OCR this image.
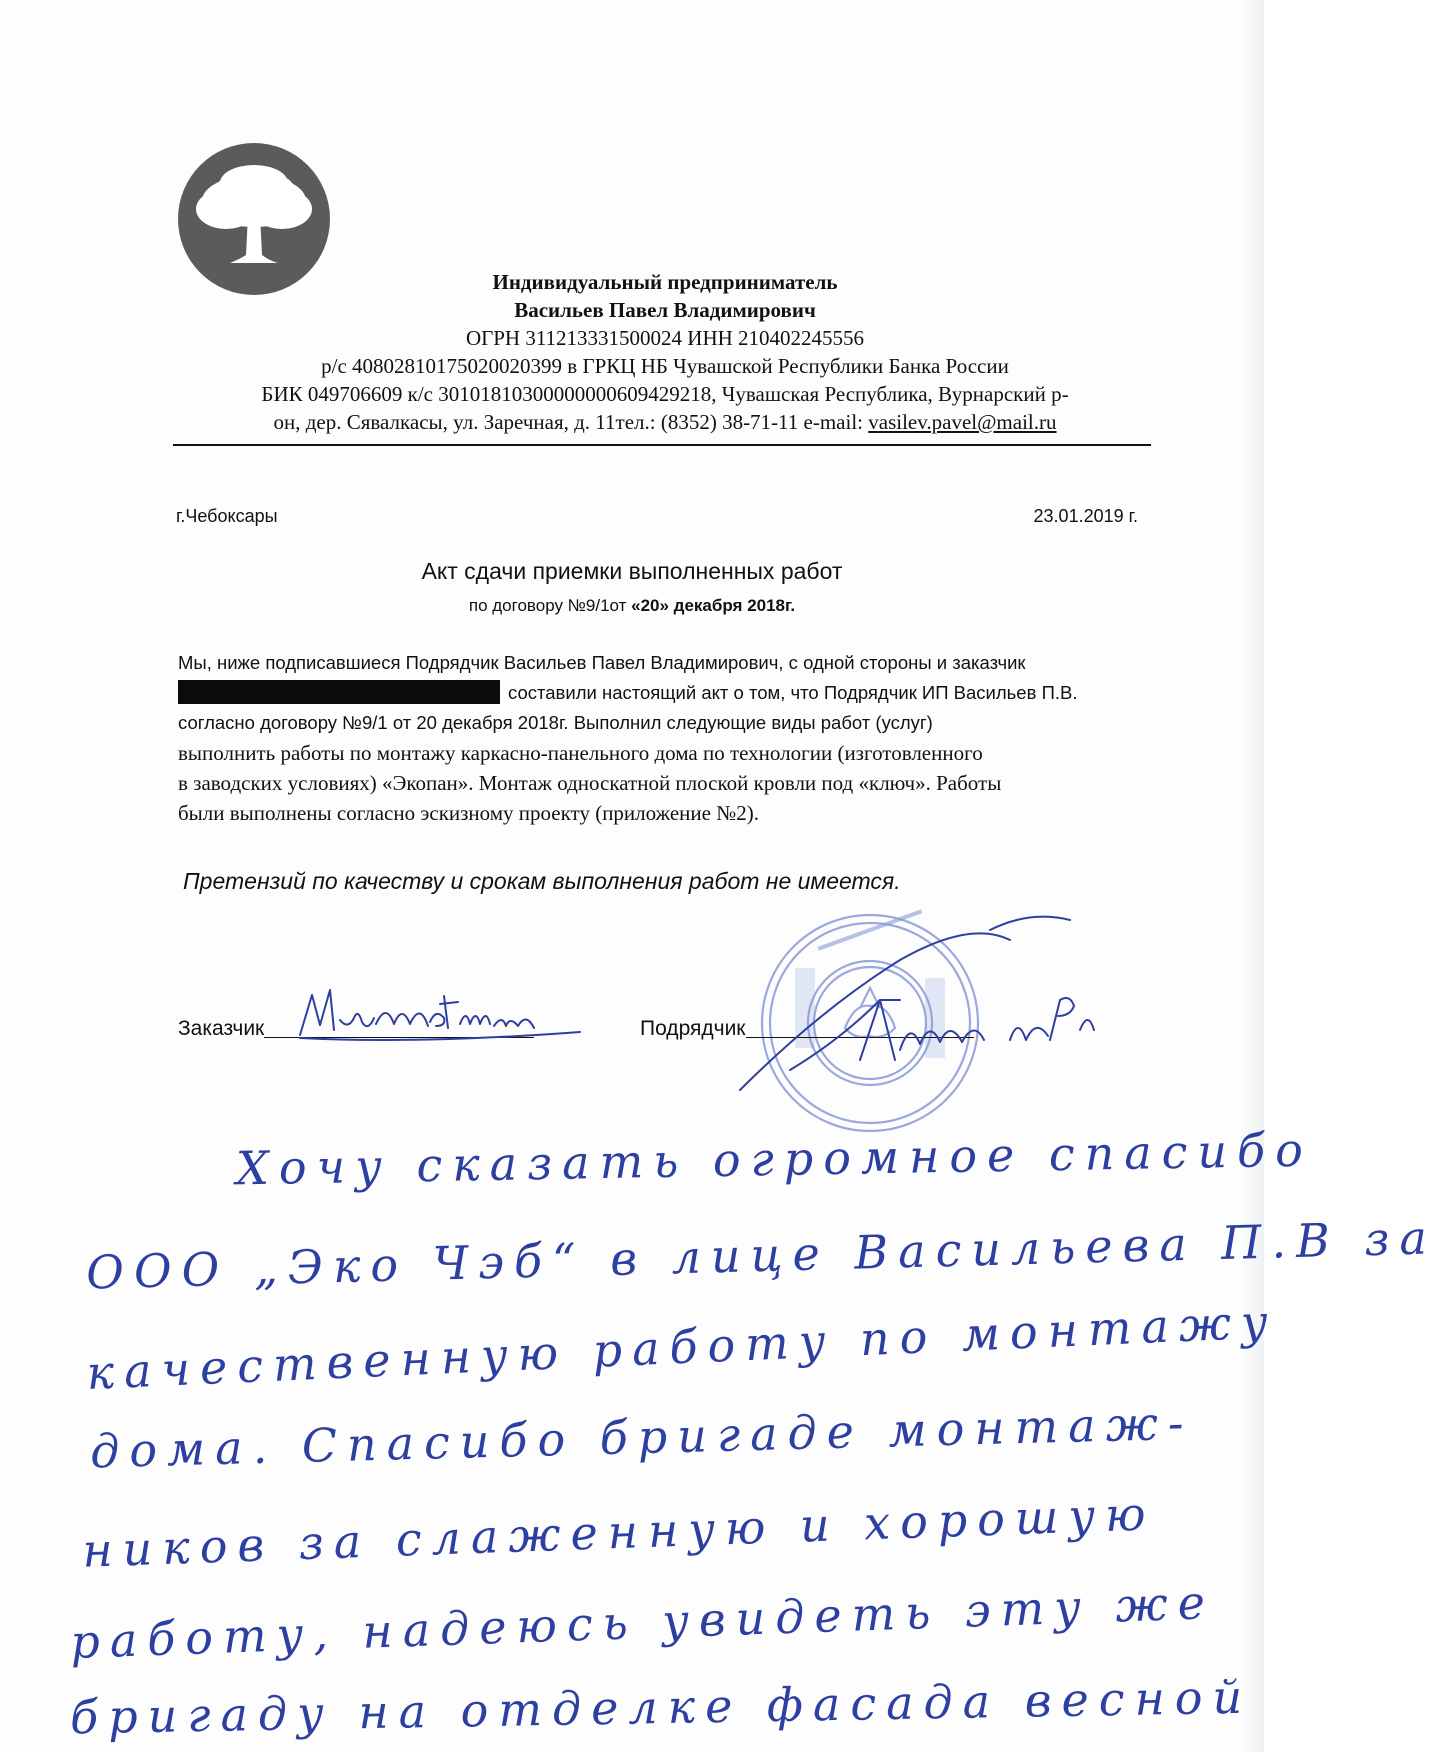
Индивидуальный предприниматель
Васильев Павел Владимирович
ОГРН 311213331500024 ИНН 210402245556
р/с 40802810175020020399 в ГРКЦ НБ Чувашской Республики Банка России
БИК 049706609 к/с 30101810300000000609429218, Чувашская Республика, Вурнарский р-
он, дер. Сявалкасы, ул. Заречная, д. 11тел.: (8352) 38-71-11 e-mail: vasilev.pavel@mail.ru
г.Чебоксары	23.01.2019 г.
Акт сдачи приемки выполненных работ
по договору №9/1от «20» декабря 2018г.

Мы, ниже подписавшиеся Подрядчик Васильев Павел Владимирович, с одной стороны и заказчик

составили настоящий акт о том, что Подрядчик ИП Васильев П.В.

согласно договору №9/1 от 20 декабря 2018г. Выполнил следующие виды работ (услуг)

выполнить работы по монтажу каркасно-панельного дома по технологии (изготовленного

в заводских условиях) «Экопан». Монтаж односкатной плоской кровли под «ключ». Работы

были выполнены согласно эскизному проекту (приложение №2).

Претензий по качеству и срокам выполнения работ не имеется.
Заказчик	Подрядчик
Хочу сказать огромное спасибо
ООО „Эко Чэб“ в лице Васильева П.В за
качественную работу по монтажу
дома. Спасибо бригаде монтаж-
ников за слаженную и хорошую
работу, надеюсь увидеть эту же
бригаду на отделке фасада весной
